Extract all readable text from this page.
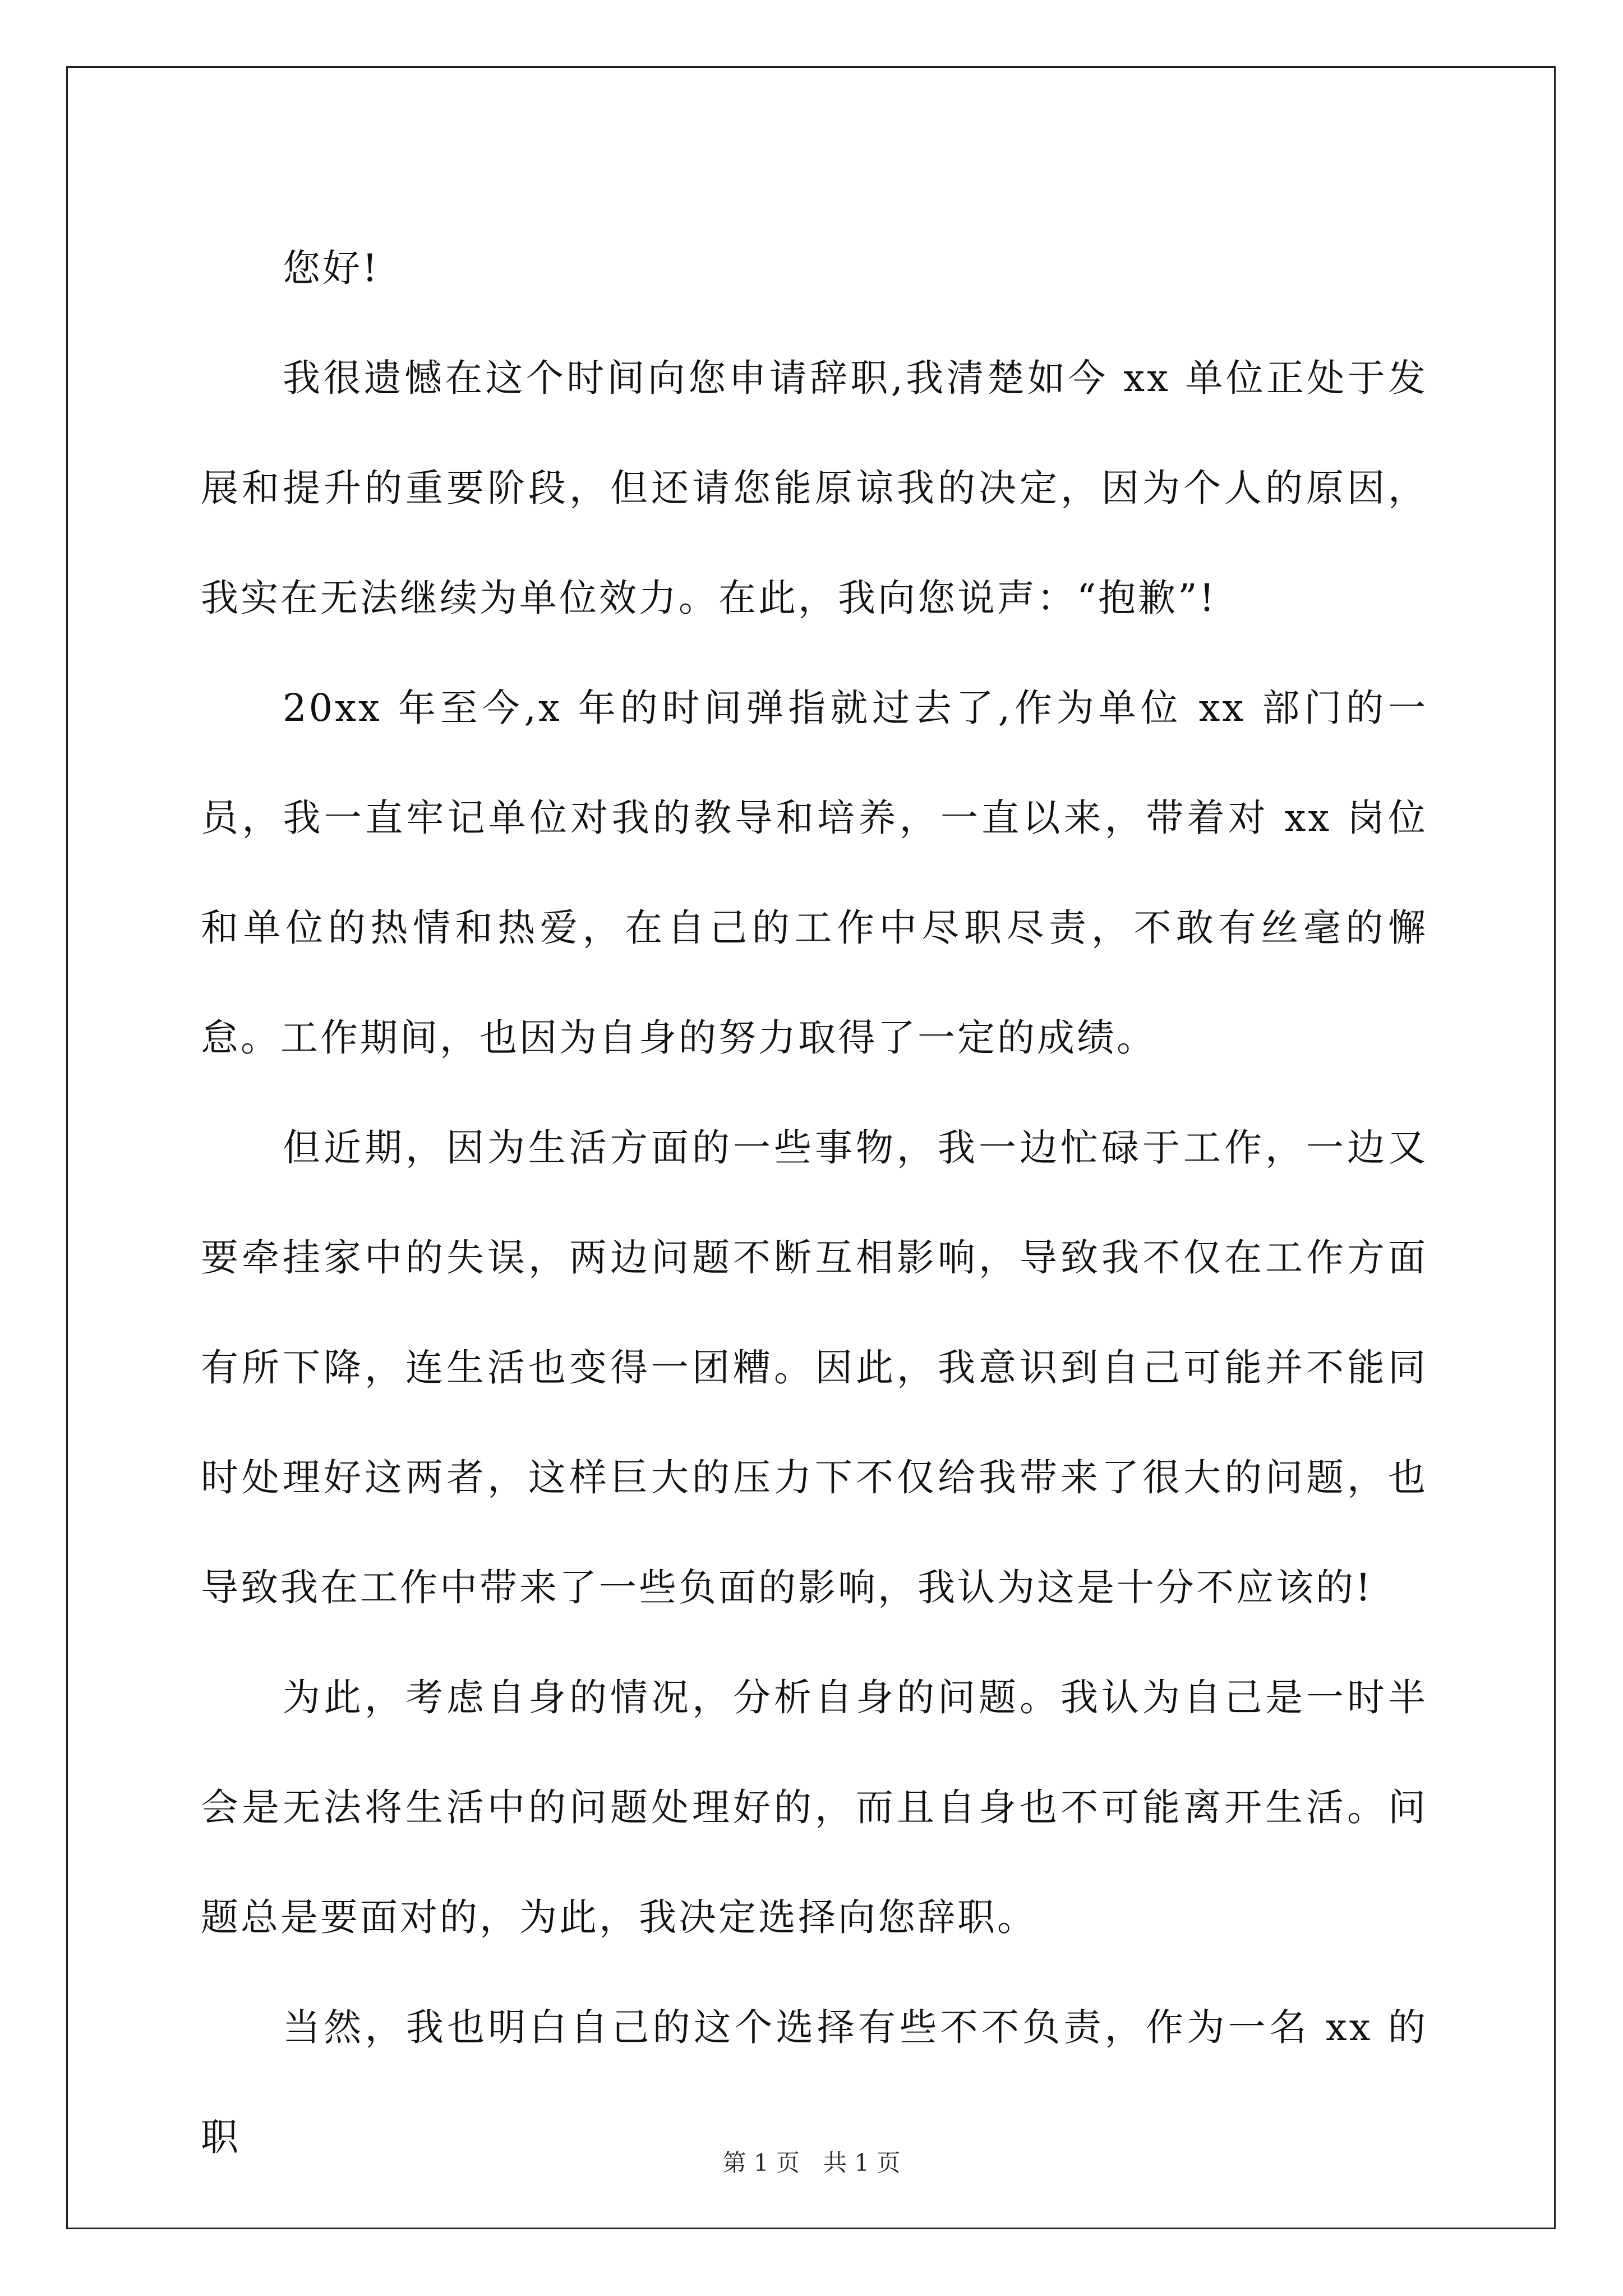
您好!

我很遗憾在这个时间向您申请辞职,我清楚如今 xx 单位正处于发展和提升的重要阶段，但还请您能原谅我的决定，因为个人的原因，我实在无法继续为单位效力。在此，我向您说声：“抱歉”!

20xx 年至今,x 年的时间弹指就过去了,作为单位 xx 部门的一员，我一直牢记单位对我的教导和培养，一直以来，带着对 xx 岗位和单位的热情和热爱，在自己的工作中尽职尽责，不敢有丝毫的懈怠。工作期间，也因为自身的努力取得了一定的成绩。

但近期，因为生活方面的一些事物，我一边忙碌于工作，一边又要牵挂家中的失误，两边问题不断互相影响，导致我不仅在工作方面有所下降，连生活也变得一团糟。因此，我意识到自己可能并不能同时处理好这两者，这样巨大的压力下不仅给我带来了很大的问题，也导致我在工作中带来了一些负面的影响，我认为这是十分不应该的!

为此，考虑自身的情况，分析自身的问题。我认为自己是一时半会是无法将生活中的问题处理好的，而且自身也不可能离开生活。问题总是要面对的，为此，我决定选择向您辞职。

当然，我也明白自己的这个选择有些不不负责，作为一名 xx 的职

第 1 页　共 1 页
